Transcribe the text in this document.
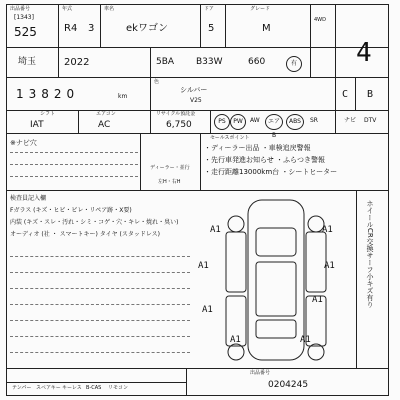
出品番号
[1343]
525
年式
R4 3
車名
ekワゴン
ドア
5
グレード
M
4WD
埼玉	2022	5BA B33W	660	有 4
13820	km
色
シルバー
V25
C B
シフト	エアコン	リサイクル預託金
IAT	AC	6,750	PS	PW	AW	エアB
ABS	SR	ナビ DTV
※ナビ穴
ディーラー・並行
左H・右H
セールスポイント
・ディーラー出品 ・車検追戻警報
・先行車発進お知らせ ・ふらつき警報
・走行距離13000km台 ・シートヒーター
検査員記入欄
Fガラス (キズ・ヒビ・ビレ・リペア跡・X要)
内装 (キズ・スレ・汚れ・シミ・コゲ・穴・キレ・焼れ・臭い)
オーディオ (社 ・ スマートキー) タイヤ (スタッドレス)	A1	A1
A1	A1
A1
A1
A1	A1
ホイールCR交換サーフ小キズ有り
テンパー スペアキー キーレス B-CAS リモコン
出品番号
0204245
